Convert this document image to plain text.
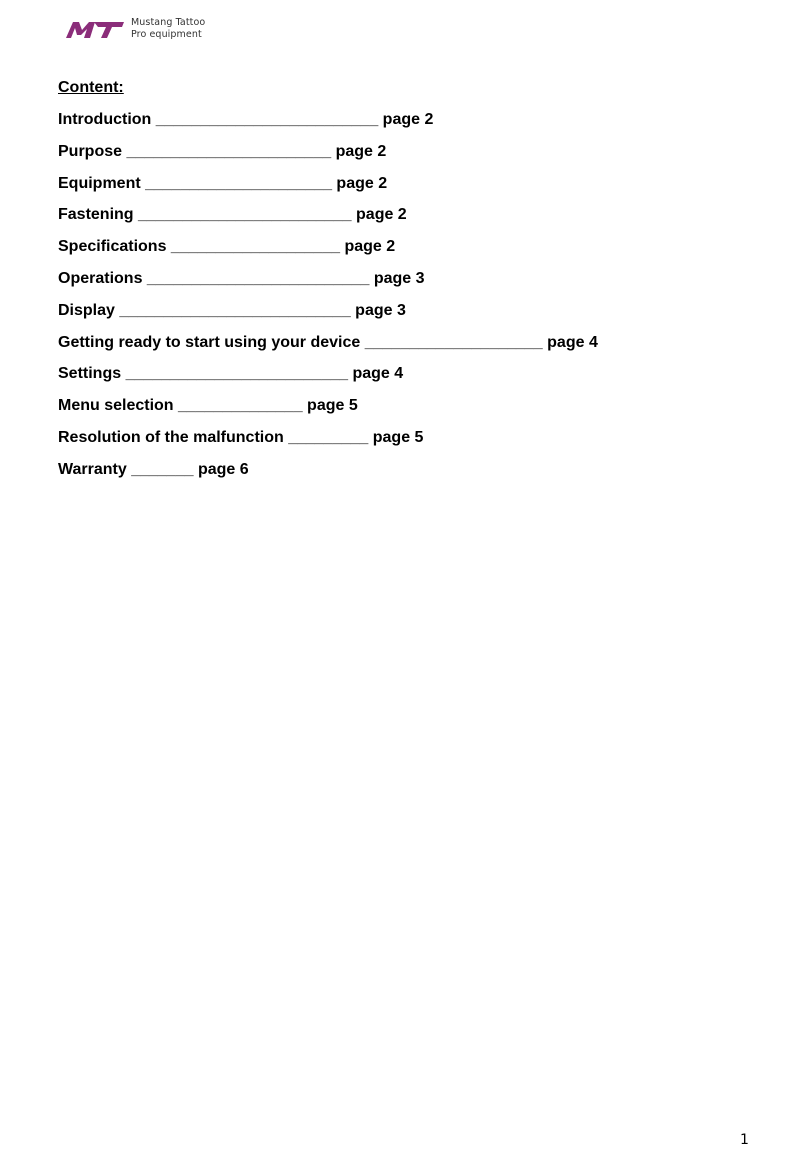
Mustang Tattoo
Pro equipment
Content:
Introduction _________________________ page 2
Purpose _______________________ page 2
Equipment _____________________ page 2
Fastening ________________________ page 2
Specifications ___________________ page 2
Operations _________________________ page 3
Display __________________________ page 3
Getting ready to start using your device ____________________ page 4
Settings _________________________ page 4
Menu selection ______________ page 5
Resolution of the malfunction _________ page 5
Warranty _______ page 6
1
